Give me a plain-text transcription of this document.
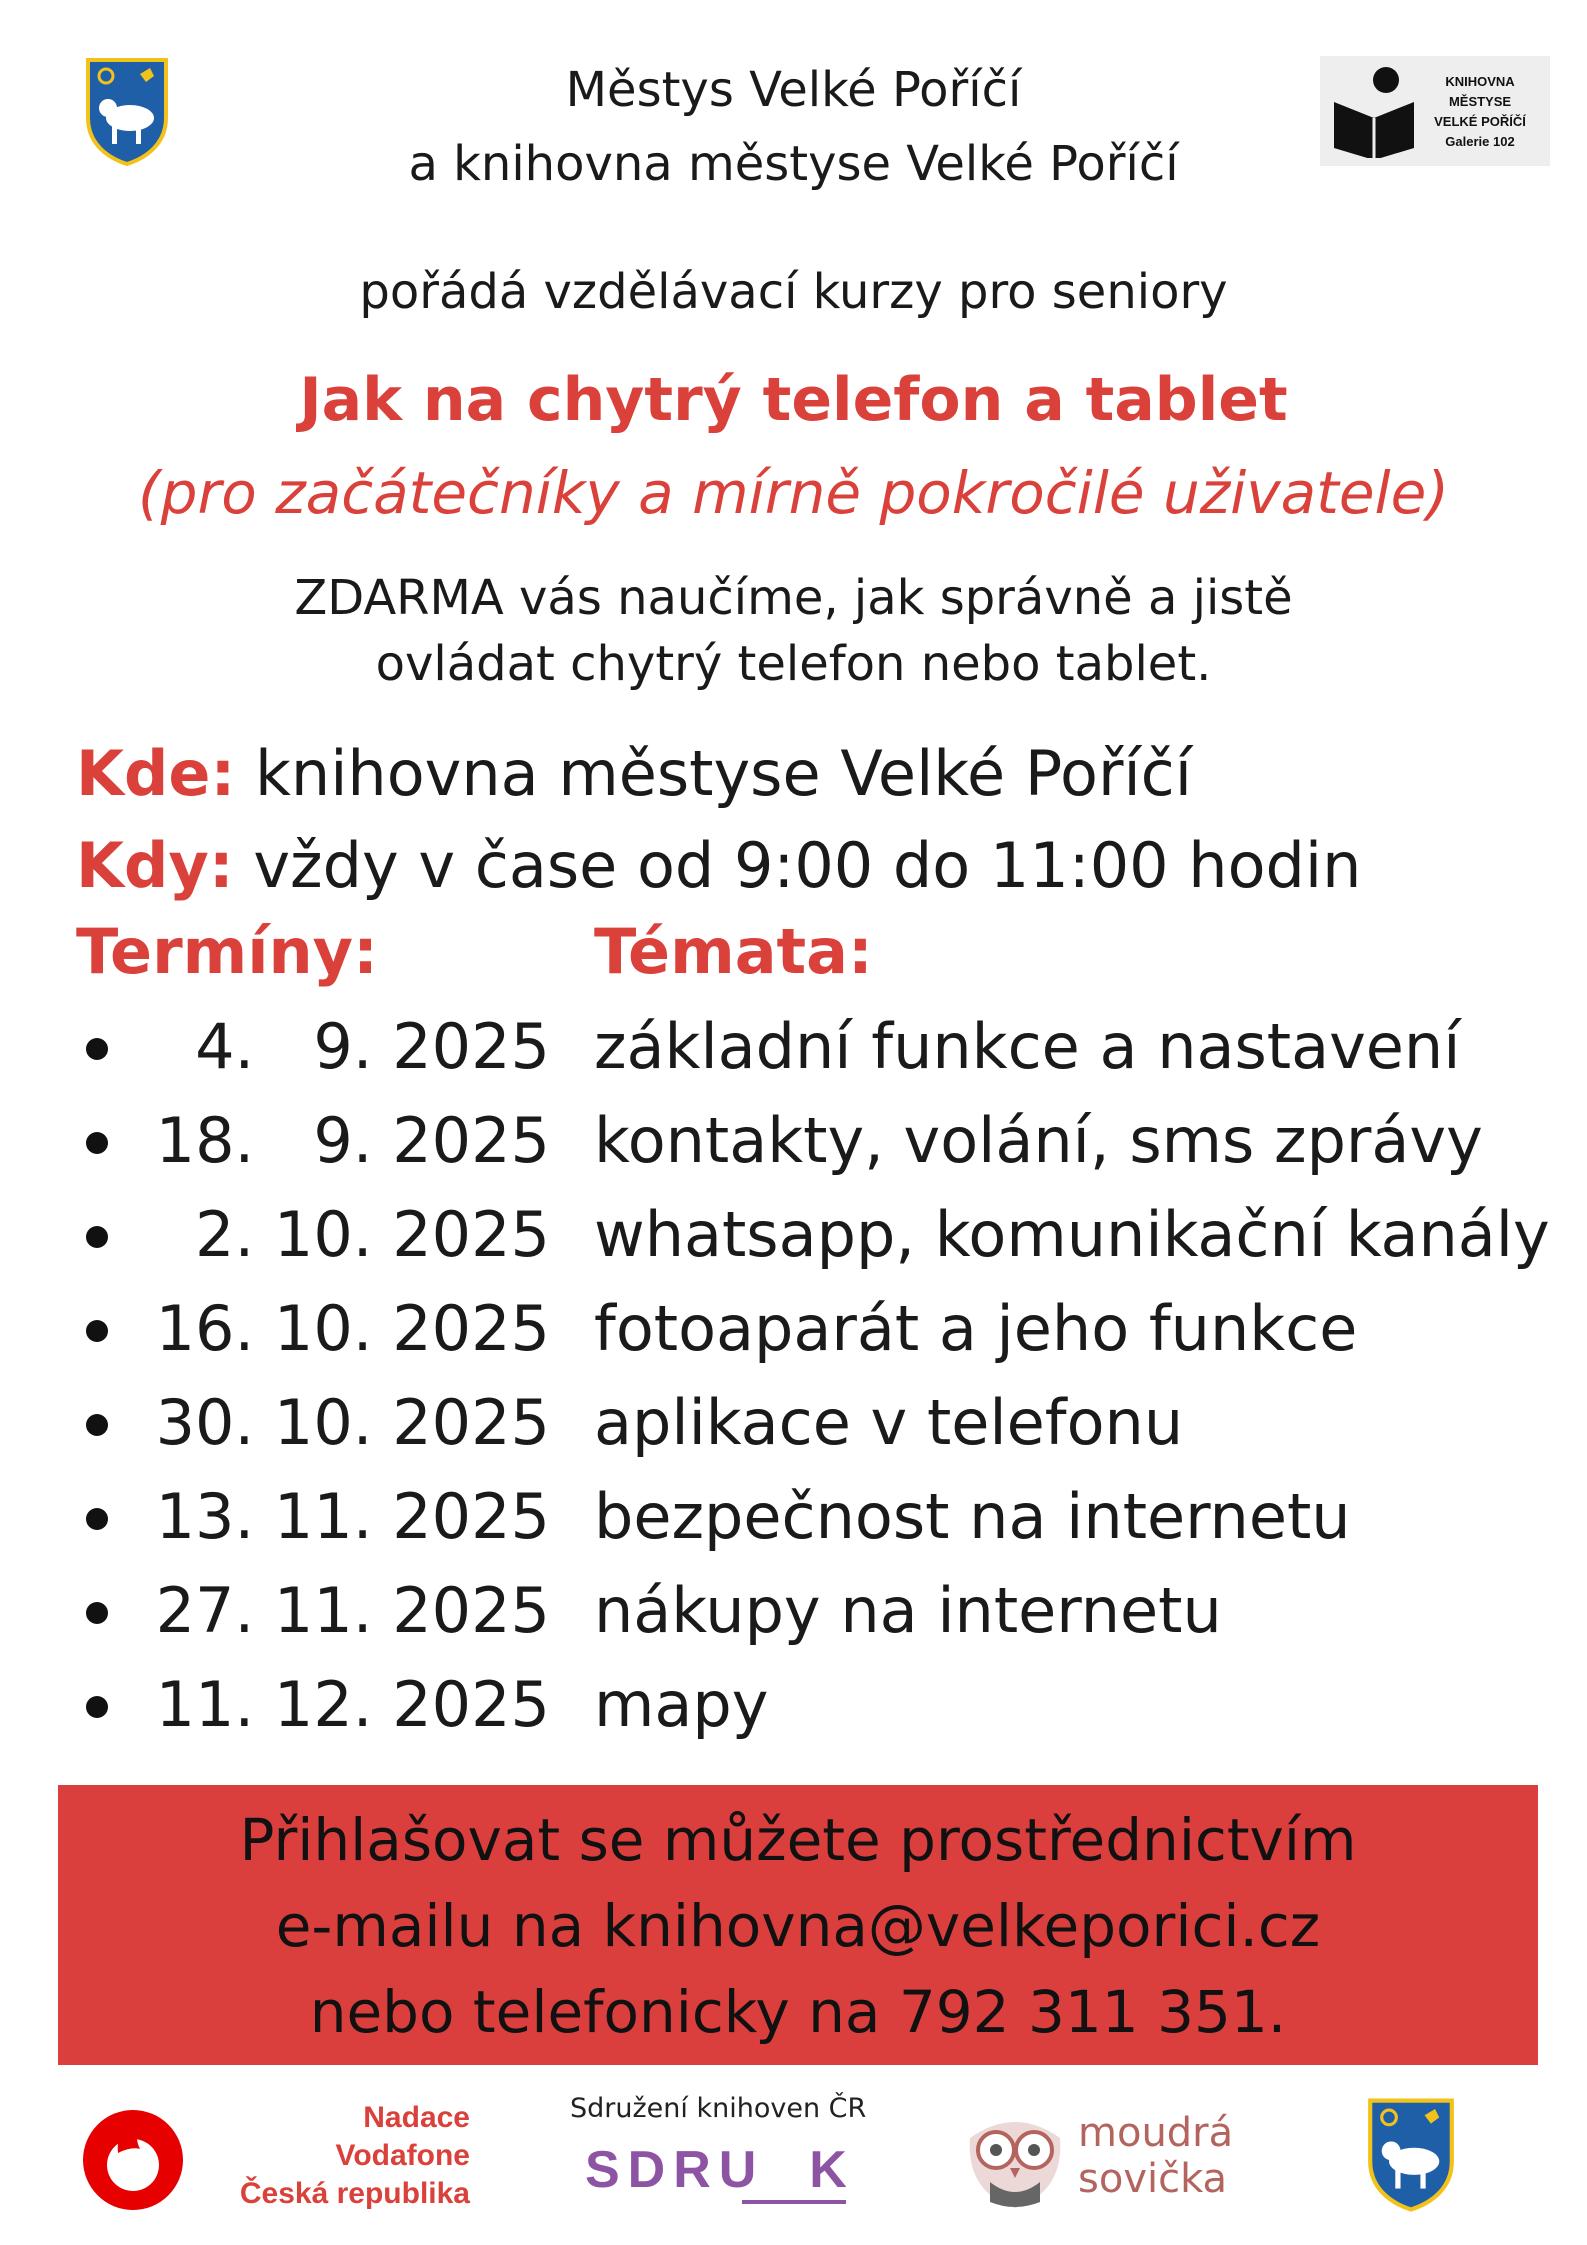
Městys Velké Poříčí
a knihovna městyse Velké Poříčí
KNIHOVNA
MĚSTYSE
VELKÉ POŘÍČÍ
Galerie 102
pořádá vzdělávací kurzy pro seniory
Jak na chytrý telefon a tablet
(pro začátečníky a mírně pokročilé uživatele)
ZDARMA vás naučíme, jak správně a jistě
ovládat chytrý telefon nebo tablet.
Kde: knihovna městyse Velké Poříčí
Kdy: vždy v čase od 9:00 do 11:00 hodin
Termíny:	Témata:
4.   9. 2025 základní funkce a nastavení
18.   9. 2025 kontakty, volání, sms zprávy
2. 10. 2025 whatsapp, komunikační kanály
16. 10. 2025 fotoaparát a jeho funkce
30. 10. 2025 aplikace v telefonu
13. 11. 2025 bezpečnost na internetu
27. 11. 2025 nákupy na internetu
11. 12. 2025 mapy
Přihlašovat se můžete prostřednictvím
e-mailu na knihovna@velkeporici.cz
nebo telefonicky na 792 311 351.
Nadace
Vodafone
Česká republika
Sdružení knihoven ČR
SDRU  K
moudrá
sovička
